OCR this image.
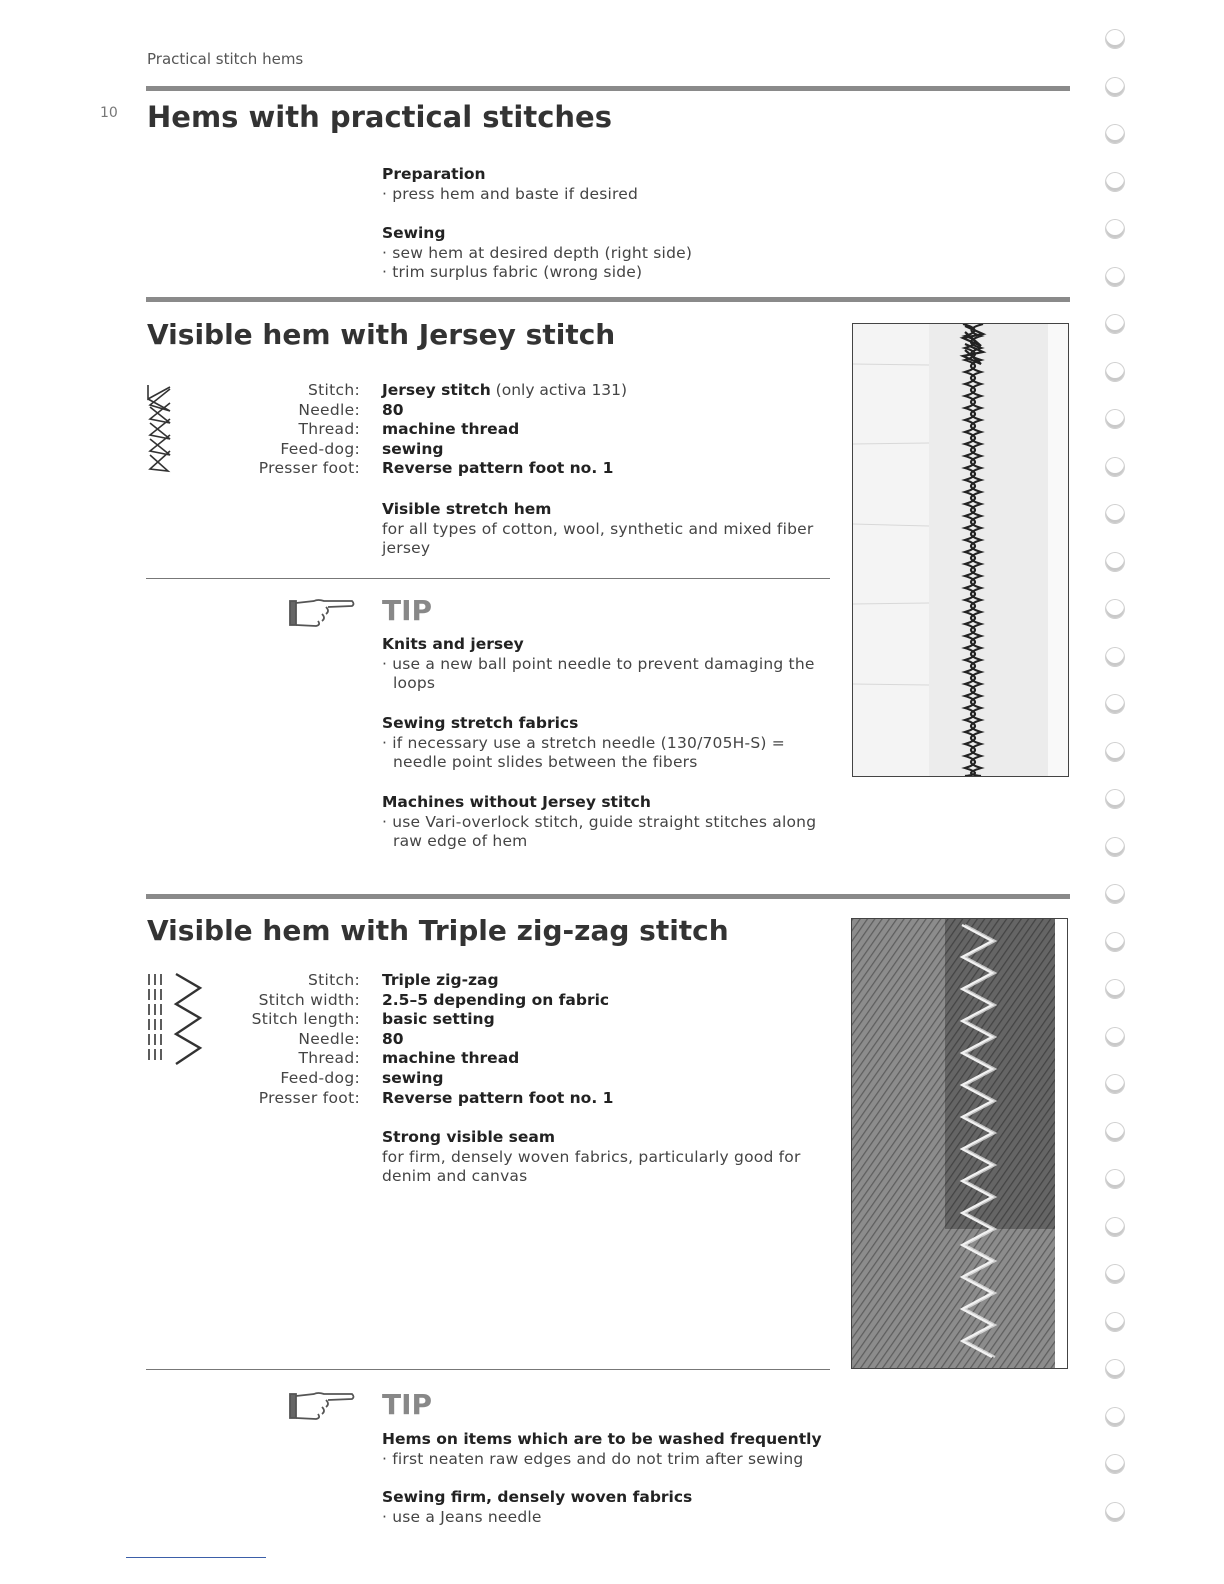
Practical stitch hems
10 Hems with practical stitches
Preparation
· press hem and baste if desired
Sewing
· sew hem at desired depth (right side)
· trim surplus fabric (wrong side)
Visible hem with Jersey stitch
Stitch: Jersey stitch (only activa 131)
Needle: 80
Thread: machine thread
Feed-dog: sewing
Presser foot: Reverse pattern foot no. 1
Visible stretch hem
for all types of cotton, wool, synthetic and mixed fiber jersey
TIP
Knits and jersey
· use a new ball point needle to prevent damaging the loops
Sewing stretch fabrics
· if necessary use a stretch needle (130/705H-S) = needle point slides between the fibers
Machines without Jersey stitch
· use Vari-overlock stitch, guide straight stitches along raw edge of hem
Visible hem with Triple zig-zag stitch
Stitch: Triple zig-zag
Stitch width: 2.5–5 depending on fabric
Stitch length: basic setting
Needle: 80
Thread: machine thread
Feed-dog: sewing
Presser foot: Reverse pattern foot no. 1
Strong visible seam
for firm, densely woven fabrics, particularly good for denim and canvas
TIP
Hems on items which are to be washed frequently
· first neaten raw edges and do not trim after sewing
Sewing firm, densely woven fabrics
· use a Jeans needle
